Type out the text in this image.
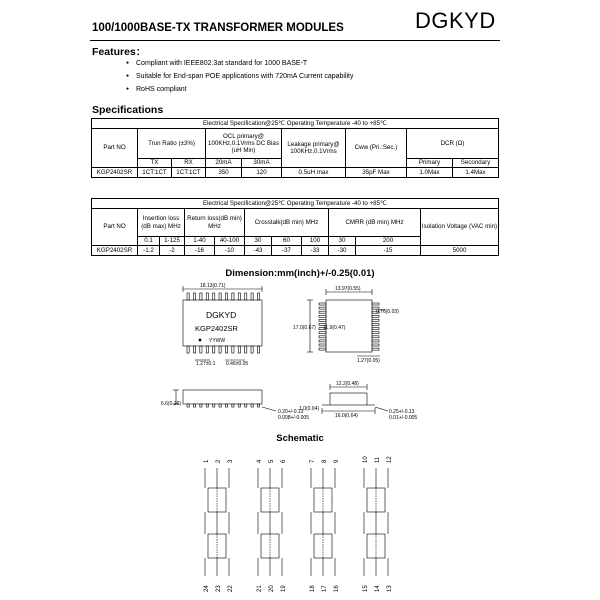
100/1000BASE-TX TRANSFORMER MODULES	DGKYD
Features：
● Compliant with IEEE802.3at standard for 1000 BASE-T
● Suitable for End-span POE applications with 720mA Current capability
● RoHS compliant
Specifications
Electrical Specification@25℃ Operating Temperature -40 to +85℃								
Part NO	Trun Ratio (±3%)		OCL primary@ 100KHz,0.1Vrms DC Bias (uH Min)		Leakage primary@ 100KHz,0.1Vrms	Cww (Pri.:Sec.)	DCR (Ω)	
	TX	RX	20mA	30mA			Primary	Secondary
KGP2402SR	1CT:1CT	1CT:1CT	350	120	0.5uH max	35pF Max	1.0Max	1.4Max
Electrical Specification@25℃ Operating Temperature -40 to +85℃										
Part NO	Insertion loss (dB max) MHz		Return loss(dB min) MHz		Crosstalk(dB min) MHz			CMRR (dB min) MHz		Isolation Voltage (VAC min)
	0.1	1-125	1-40	40-100	30	60	100	30	200	
KGP2402SR	-1.2	-2	-16	-10	-43	-37	-33	-30	-15	5000
Dimension:mm(inch)+/-0.25(0.01)
18.13(0.71)
DGKYD
KGP2402SR
YYWW
1.27±0.1 0.46±0.05
13.97(0.55)
0.76(0.03)
17.0(0.67) 11.9(0.47)
1.27(0.05)
6.6(0.26)
0.20+/-0.13
0.008+/-0.005
12.2(0.48)
1.0(0.04)
16.0(0.64)
0.25+/-0.13
0.01+/-0.005
Schematic
1 2 3	4 5 6	7 8 9	10 11 12
24 23 22	21 20 19	18 17 16	15 14 13
